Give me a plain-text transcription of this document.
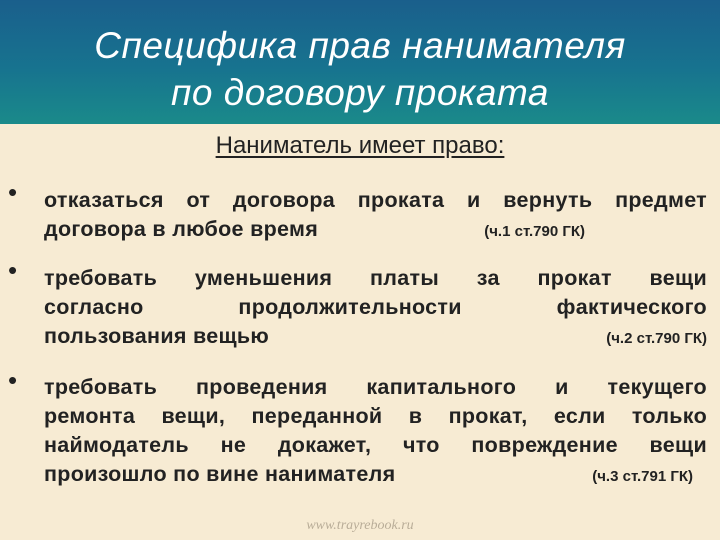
Специфика прав нанимателя
по договору проката
Наниматель имеет право:
• отказаться от договора проката и вернуть предмет
договора в любое время	(ч.1 ст.790 ГК)
• требовать уменьшения платы за прокат вещи
согласно продолжительности фактического
пользования вещью	(ч.2 ст.790 ГК)
• требовать проведения капитального и текущего
ремонта вещи, переданной в прокат, если только
наймодатель не докажет, что повреждение вещи
произошло по вине нанимателя	(ч.3 ст.791 ГК)
www.trayrebook.ru
